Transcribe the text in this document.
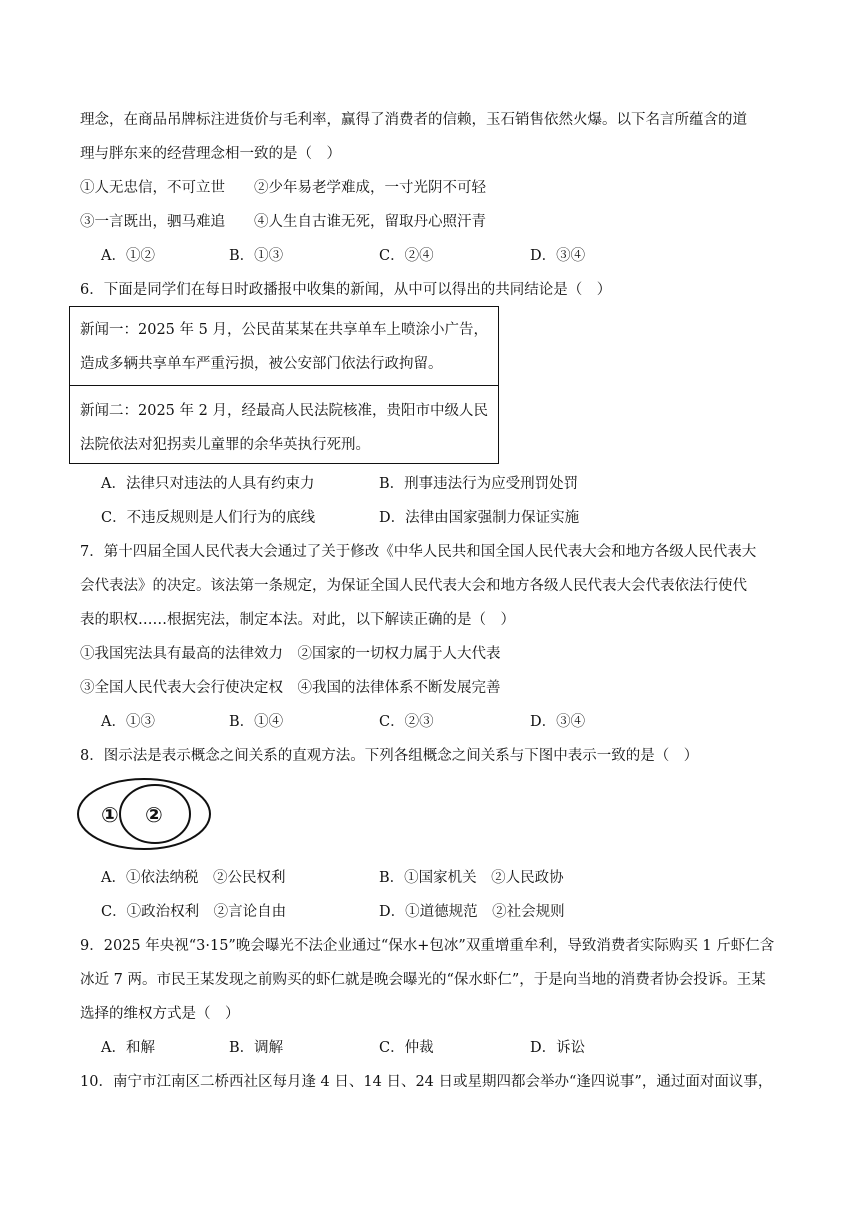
理念，在商品吊牌标注进货价与毛利率，赢得了消费者的信赖，玉石销售依然火爆。以下名言所蕴含的道
理与胖东来的经营理念相一致的是（　）
①人无忠信，不可立世　　②少年易老学难成，一寸光阴不可轻
③一言既出，驷马难追　　④人生自古谁无死，留取丹心照汗青
A．①②	B．①③	C．②④	D．③④
6．下面是同学们在每日时政播报中收集的新闻，从中可以得出的共同结论是（　）
新闻一：2025 年 5 月，公民苗某某在共享单车上喷涂小广告，
造成多辆共享单车严重污损，被公安部门依法行政拘留。
新闻二：2025 年 2 月，经最高人民法院核准，贵阳市中级人民
法院依法对犯拐卖儿童罪的余华英执行死刑。
A．法律只对违法的人具有约束力	B．刑事违法行为应受刑罚处罚
C．不违反规则是人们行为的底线	D．法律由国家强制力保证实施
7．第十四届全国人民代表大会通过了关于修改《中华人民共和国全国人民代表大会和地方各级人民代表大
会代表法》的决定。该法第一条规定，为保证全国人民代表大会和地方各级人民代表大会代表依法行使代
表的职权……根据宪法，制定本法。对此，以下解读正确的是（　）
①我国宪法具有最高的法律效力　②国家的一切权力属于人大代表
③全国人民代表大会行使决定权　④我国的法律体系不断发展完善
A．①③	B．①④	C．②③	D．③④
8．图示法是表示概念之间关系的直观方法。下列各组概念之间关系与下图中表示一致的是（　）
① ②
A．①依法纳税　②公民权利	B．①国家机关　②人民政协
C．①政治权利　②言论自由	D．①道德规范　②社会规则
9．2025 年央视“3·15”晚会曝光不法企业通过“保水+包冰”双重增重牟利，导致消费者实际购买 1 斤虾仁含
冰近 7 两。市民王某发现之前购买的虾仁就是晚会曝光的“保水虾仁”，于是向当地的消费者协会投诉。王某
选择的维权方式是（　）
A．和解	B．调解	C．仲裁	D．诉讼
10．南宁市江南区二桥西社区每月逢 4 日、14 日、24 日或星期四都会举办“逢四说事”，通过面对面议事，
